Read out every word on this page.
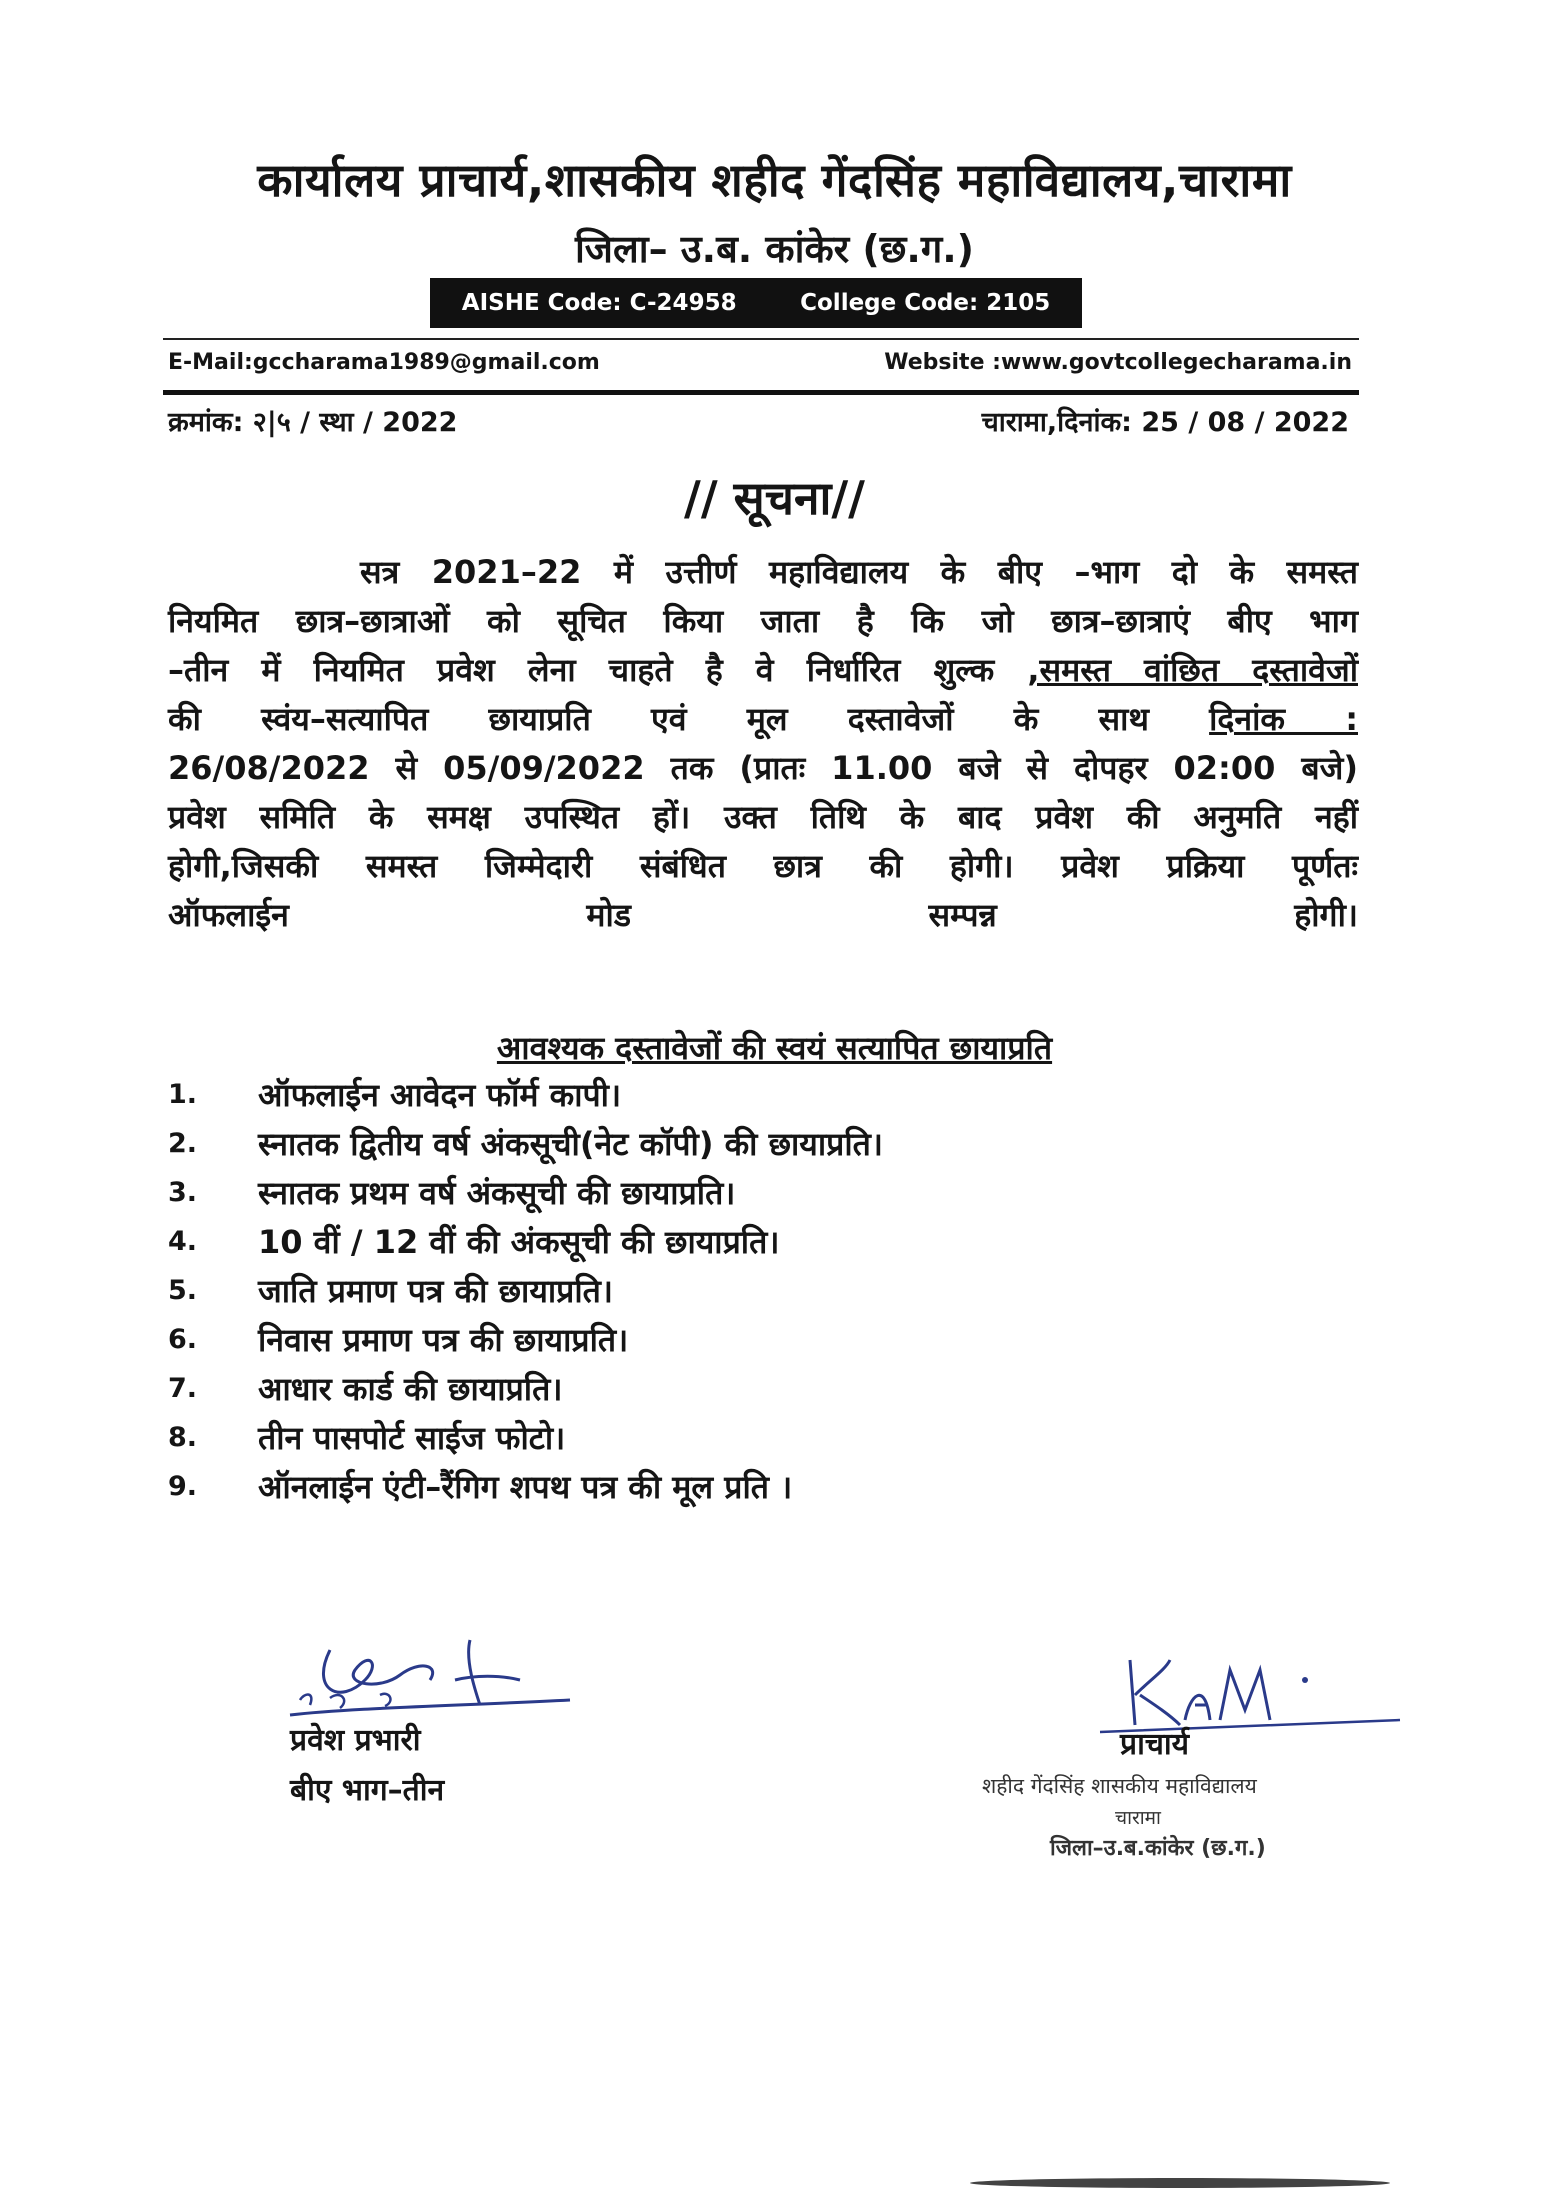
कार्यालय प्राचार्य,शासकीय शहीद गेंदसिंह महाविद्यालय,चारामा
जिला– उ.ब. कांकेर (छ.ग.)
AISHE Code: C-24958	College Code: 2105
E-Mail:gccharama1989@gmail.com	Website :www.govtcollegecharama.in
क्रमांक: २|५ / स्था / 2022	चारामा,दिनांक: 25 / 08 / 2022
// सूचना//
सत्र 2021–22 में उत्तीर्ण महाविद्यालय के बीए –भाग दो के समस्त
नियमित छात्र–छात्राओं को सूचित किया जाता है कि जो छात्र–छात्राएं बीए भाग
–तीन में नियमित प्रवेश लेना चाहते है वे निर्धारित शुल्क ,समस्त वांछित दस्तावेजों
की स्वंय–सत्यापित छायाप्रति एवं मूल दस्तावेजों के साथ दिनांक :
26/08/2022 से 05/09/2022 तक (प्रातः 11.00 बजे से दोपहर 02:00 बजे)
प्रवेश समिति के समक्ष उपस्थित हों। उक्त तिथि के बाद प्रवेश की अनुमति नहीं
होगी,जिसकी समस्त जिम्मेदारी संबंधित छात्र की होगी। प्रवेश प्रक्रिया पूर्णतः
ऑफलाईन मोड सम्पन्न होगी।
आवश्यक दस्तावेजों की स्वयं सत्यापित छायाप्रति
1.	ऑफलाईन आवेदन फॉर्म कापी।
2.	स्नातक द्वितीय वर्ष अंकसूची(नेट कॉपी) की छायाप्रति।
3.	स्नातक प्रथम वर्ष अंकसूची की छायाप्रति।
4.	10 वीं / 12 वीं की अंकसूची की छायाप्रति।
5.	जाति प्रमाण पत्र की छायाप्रति।
6.	निवास प्रमाण पत्र की छायाप्रति।
7.	आधार कार्ड की छायाप्रति।
8.	तीन पासपोर्ट साईज फोटो।
9.	ऑनलाईन एंटी–रैंगिग शपथ पत्र की मूल प्रति ।
प्रवेश प्रभारी
बीए भाग–तीन
प्राचार्य
शहीद गेंदसिंह शासकीय महाविद्यालय
चारामा
जिला–उ.ब.कांकेर (छ.ग.)
